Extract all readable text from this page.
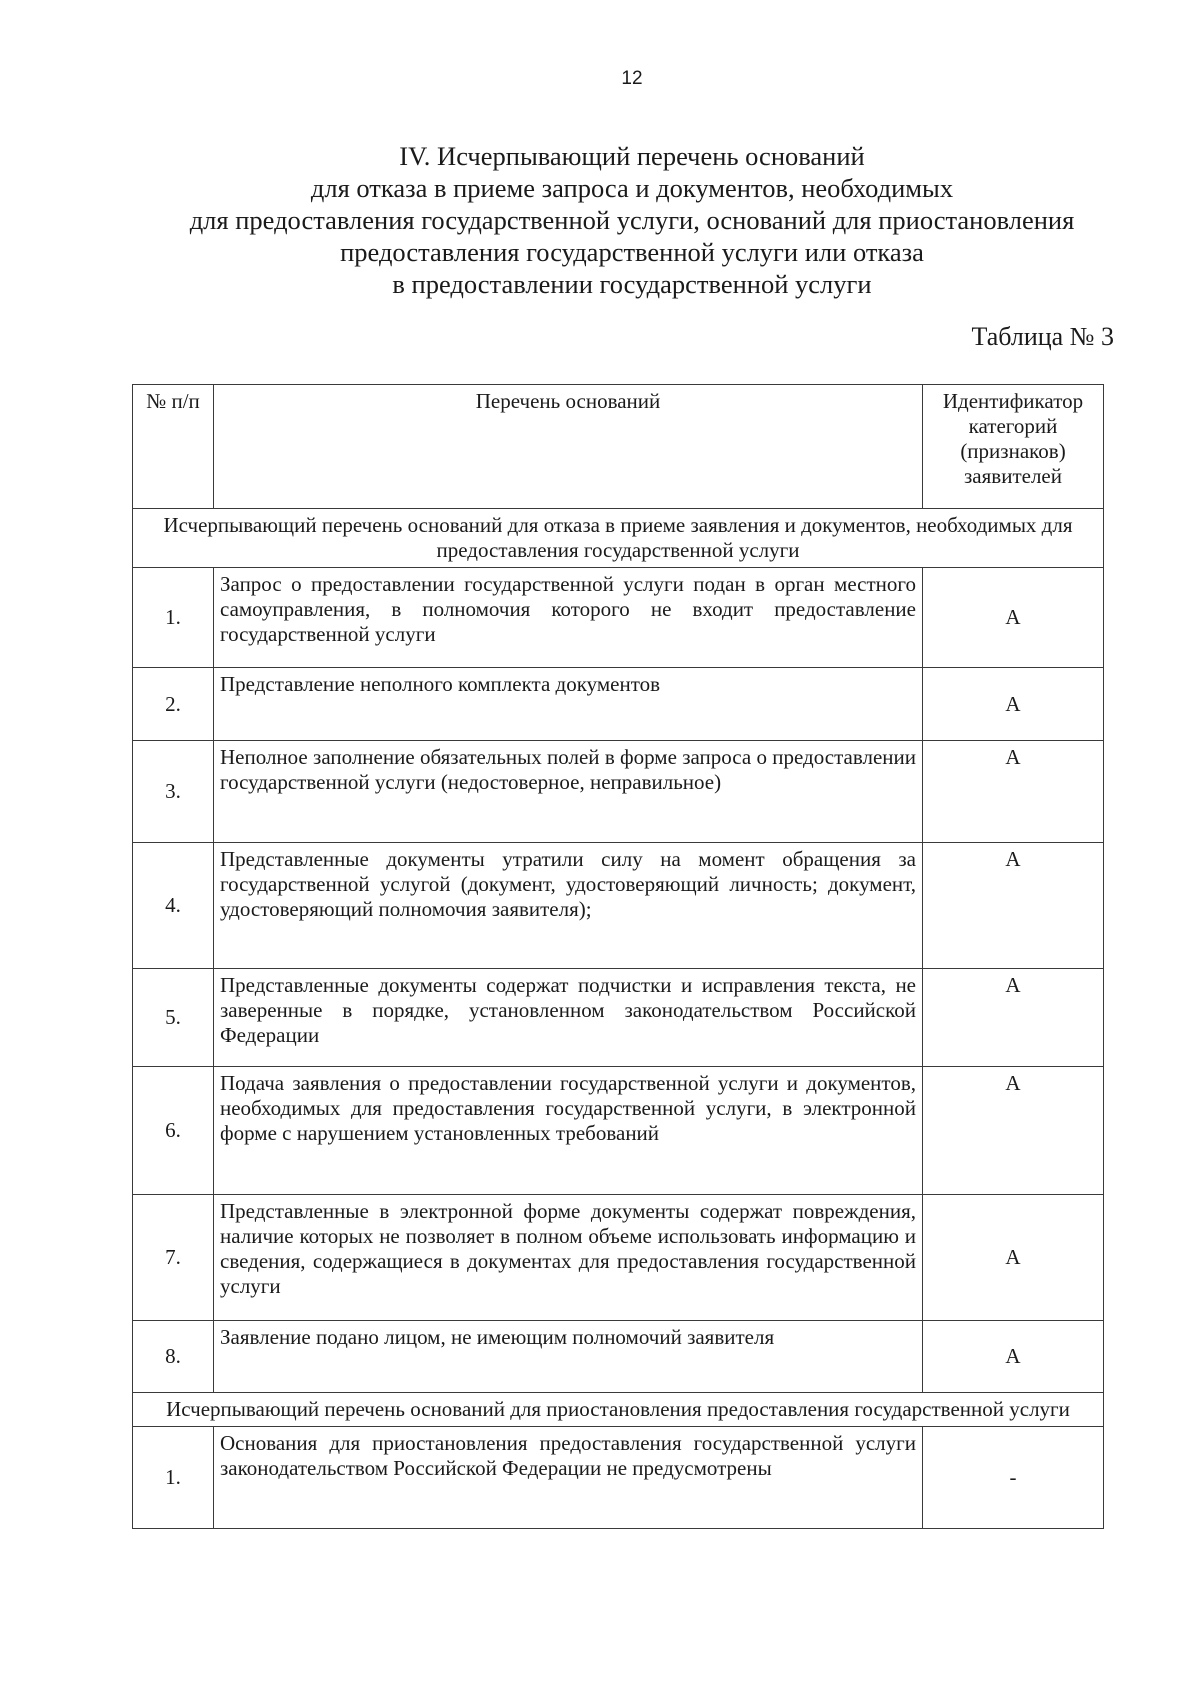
12
IV. Исчерпывающий перечень оснований
для отказа в приеме запроса и документов, необходимых
для предоставления государственной услуги, оснований для приостановления
предоставления государственной услуги или отказа
в предоставлении государственной услуги
Таблица № 3
№ п/п	Перечень оснований	Идентификатор категорий (признаков) заявителей
Исчерпывающий перечень оснований для отказа в приеме заявления и документов, необходимых для предоставления государственной услуги		
1.	Запрос о предоставлении государственной услуги подан в орган местного самоуправления, в полномочия которого не входит предоставление государственной услуги	А
2.	Представление неполного комплекта документов	А
3.	Неполное заполнение обязательных полей в форме запроса о предоставлении государственной услуги (недостоверное, неправильное)	А
4.	Представленные документы утратили силу на момент обращения за государственной услугой (документ, удостоверяющий личность; документ, удостоверяющий полномочия заявителя);	А
5.	Представленные документы содержат подчистки и исправления текста, не заверенные в порядке, установленном законодательством Российской Федерации	А
6.	Подача заявления о предоставлении государственной услуги и документов, необходимых для предоставления государственной услуги, в электронной форме с нарушением установленных требований	А
7.	Представленные в электронной форме документы содержат повреждения, наличие которых не позволяет в полном объеме использовать информацию и сведения, содержащиеся в документах для предоставления государственной услуги	А
8.	Заявление подано лицом, не имеющим полномочий заявителя	А
Исчерпывающий перечень оснований для приостановления предоставления государственной услуги		
1.	Основания для приостановления предоставления государственной услуги законодательством Российской Федерации не предусмотрены	-
